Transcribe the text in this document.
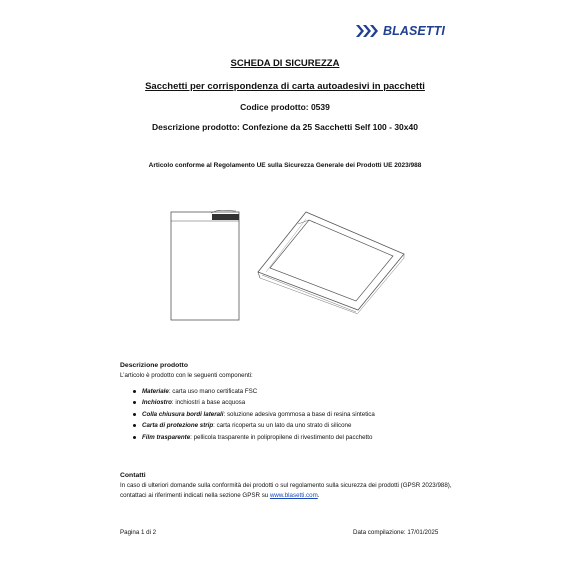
BLASETTI
SCHEDA DI SICUREZZA
Sacchetti per corrispondenza di carta autoadesivi in pacchetti
Codice prodotto: 0539
Descrizione prodotto: Confezione da 25 Sacchetti Self 100 - 30x40
Articolo conforme al Regolamento UE sulla Sicurezza Generale dei Prodotti UE 2023/988
Descrizione prodotto
L’articolo è prodotto con le seguenti componenti:
Materiale: carta uso mano certificata FSC
Inchiostro: inchiostri a base acquosa
Colla chiusura bordi laterali: soluzione adesiva gommosa a base di resina sintetica
Carta di protezione strip: carta ricoperta su un lato da uno strato di silicone
Film trasparente: pellicola trasparente in polipropilene di rivestimento del pacchetto
Contatti
In caso di ulteriori domande sulla conformità dei prodotti o sul regolamento sulla sicurezza dei prodotti (GPSR 2023/988), contattaci ai riferimenti indicati nella sezione GPSR su www.blasetti.com.
Pagina 1 di 2	Data compilazione: 17/01/2025
